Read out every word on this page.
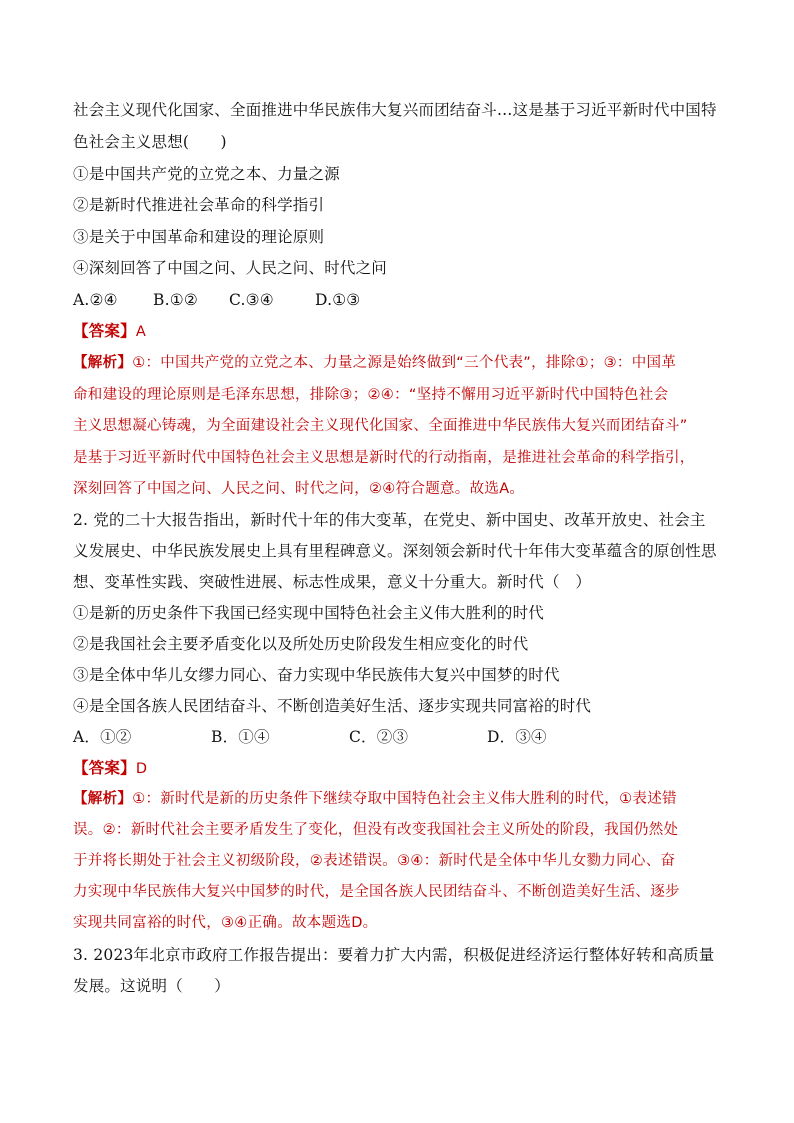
社会主义现代化国家、全面推进中华民族伟大复兴而团结奋斗…这是基于习近平新时代中国特
色社会主义思想(　　)
①是中国共产党的立党之本、力量之源
②是新时代推进社会革命的科学指引
③是关于中国革命和建设的理论原则
④深刻回答了中国之问、人民之问、时代之问
A.②④ B.①② C.③④	D.①③
【答案】A
【解析】①：中国共产党的立党之本、力量之源是始终做到“三个代表”，排除①；③：中国革
命和建设的理论原则是毛泽东思想，排除③；②④：“坚持不懈用习近平新时代中国特色社会
主义思想凝心铸魂，为全面建设社会主义现代化国家、全面推进中华民族伟大复兴而团结奋斗”
是基于习近平新时代中国特色社会主义思想是新时代的行动指南，是推进社会革命的科学指引，
深刻回答了中国之问、人民之问、时代之问，②④符合题意。故选A。
2. 党的二十大报告指出，新时代十年的伟大变革，在党史、新中国史、改革开放史、社会主
义发展史、中华民族发展史上具有里程碑意义。深刻领会新时代十年伟大变革蕴含的原创性思
想、变革性实践、突破性进展、标志性成果，意义十分重大。新时代（　）
①是新的历史条件下我国已经实现中国特色社会主义伟大胜利的时代
②是我国社会主要矛盾变化以及所处历史阶段发生相应变化的时代
③是全体中华儿女缪力同心、奋力实现中华民族伟大复兴中国梦的时代
④是全国各族人民团结奋斗、不断创造美好生活、逐步实现共同富裕的时代
A．①②	B．①④	C．②③	D．③④
【答案】D
【解析】①：新时代是新的历史条件下继续夺取中国特色社会主义伟大胜利的时代，①表述错
误。②：新时代社会主要矛盾发生了变化，但没有改变我国社会主义所处的阶段，我国仍然处
于并将长期处于社会主义初级阶段，②表述错误。③④：新时代是全体中华儿女勠力同心、奋
力实现中华民族伟大复兴中国梦的时代，是全国各族人民团结奋斗、不断创造美好生活、逐步
实现共同富裕的时代，③④正确。故本题选D。
3. 2023年北京市政府工作报告提出：要着力扩大内需，积极促进经济运行整体好转和高质量
发展。这说明（　　）
